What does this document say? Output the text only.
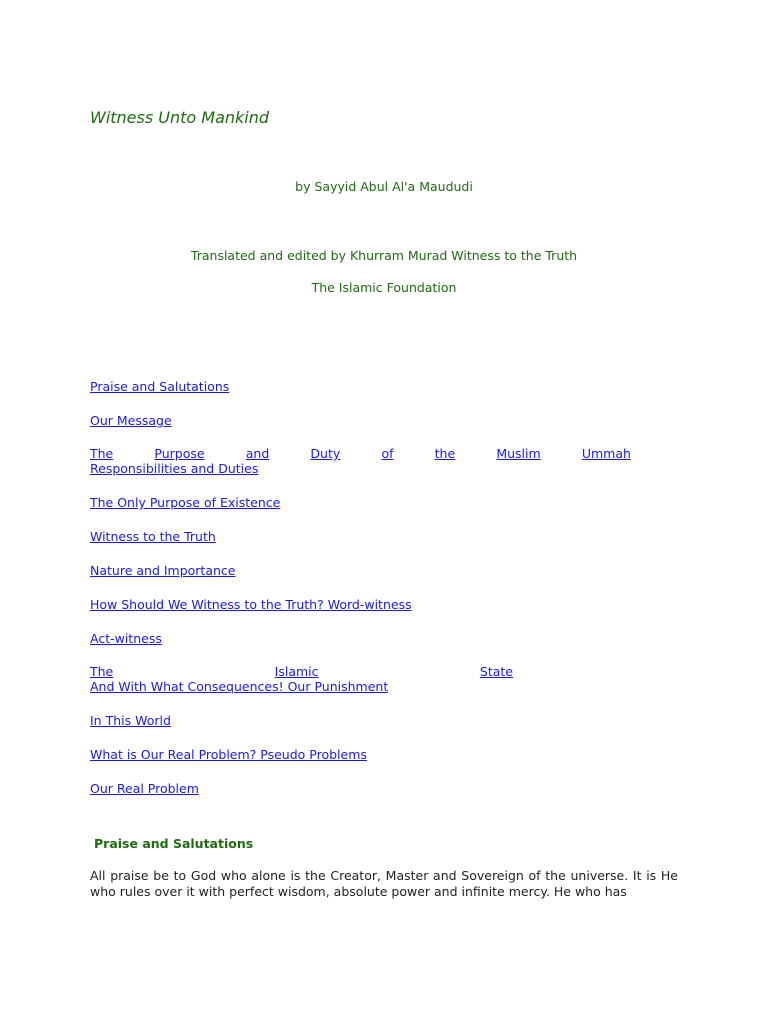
Witness Unto Mankind
by Sayyid Abul Al'a Maududi
Translated and edited by Khurram Murad Witness to the Truth
The Islamic Foundation
Praise and Salutations
Our Message
The	Purpose	and	Duty	of	the	Muslim	Ummah
Responsibilities and Duties
The Only Purpose of Existence
Witness to the Truth
Nature and Importance
How Should We Witness to the Truth? Word-witness
Act-witness
The	Islamic	State
And With What Consequences! Our Punishment
In This World
What is Our Real Problem? Pseudo Problems
Our Real Problem
Praise and Salutations

All praise be to God who alone is the Creator, Master and Sovereign of the universe. It is He who rules over it with perfect wisdom, absolute power and infinite mercy. He who has
